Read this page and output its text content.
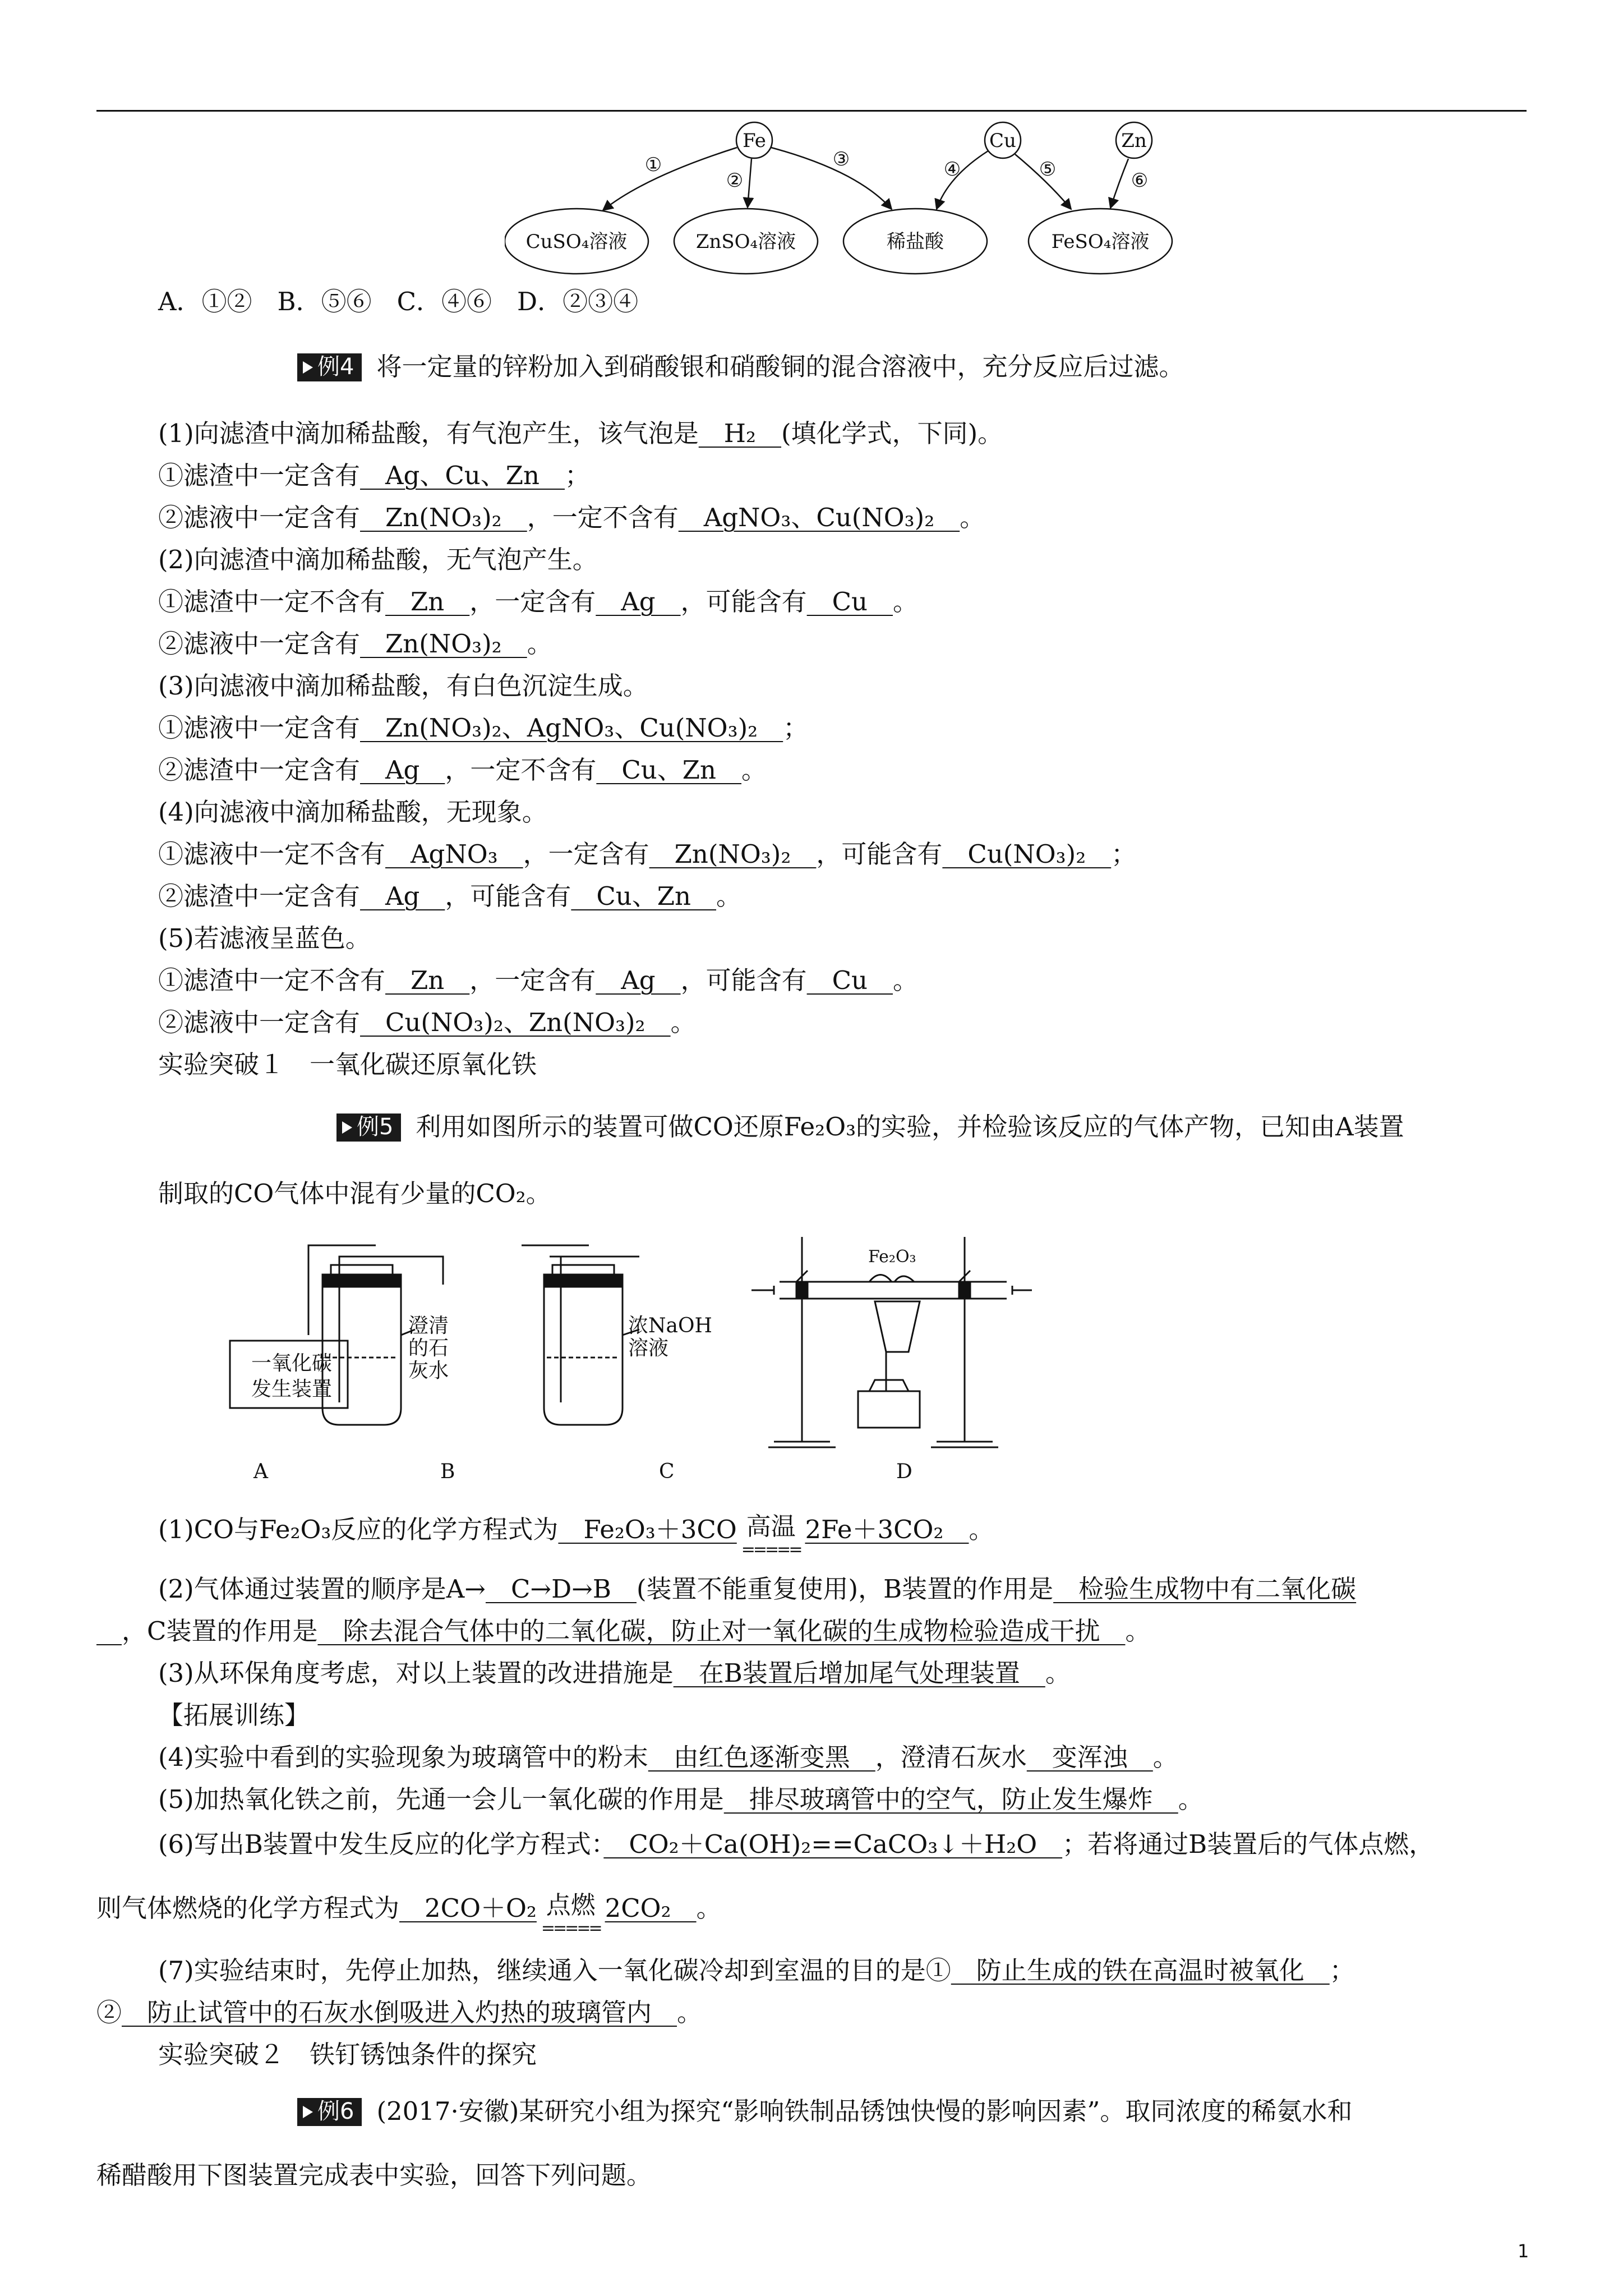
Fe	Cu	Zn
CuSO₄溶液	ZnSO₄溶液	稀盐酸	FeSO₄溶液
①
②
③	④	⑤	⑥
A．①②　B．⑤⑥　C．④⑥　D．②③④
例4 将一定量的锌粉加入到硝酸银和硝酸铜的混合溶液中，充分反应后过滤。
(1)向滤渣中滴加稀盐酸，有气泡产生，该气泡是　H₂　(填化学式，下同)。
①滤渣中一定含有　Ag、Cu、Zn　；
②滤液中一定含有　Zn(NO₃)₂　，一定不含有　AgNO₃、Cu(NO₃)₂　。
(2)向滤渣中滴加稀盐酸，无气泡产生。
①滤渣中一定不含有　Zn　，一定含有　Ag　，可能含有　Cu　。
②滤液中一定含有　Zn(NO₃)₂　。
(3)向滤液中滴加稀盐酸，有白色沉淀生成。
①滤液中一定含有　Zn(NO₃)₂、AgNO₃、Cu(NO₃)₂　；
②滤渣中一定含有　Ag　，一定不含有　Cu、Zn　。
(4)向滤液中滴加稀盐酸，无现象。
①滤液中一定不含有　AgNO₃　，一定含有　Zn(NO₃)₂　，可能含有　Cu(NO₃)₂　；
②滤渣中一定含有　Ag　，可能含有　Cu、Zn　。
(5)若滤液呈蓝色。
①滤渣中一定不含有　Zn　，一定含有　Ag　，可能含有　Cu　。
②滤液中一定含有　Cu(NO₃)₂、Zn(NO₃)₂　。
实验突破１　一氧化碳还原氧化铁
例5 利用如图所示的装置可做CO还原Fe₂O₃的实验，并检验该反应的气体产物，已知由A装置
制取的CO气体中混有少量的CO₂。
一氧化碳
发生装置
澄清
的石
灰水
浓NaOH
溶液
Fe₂O₃
A	B	C	D
(1)CO与Fe₂O₃反应的化学方程式为　Fe₂O₃＋3CO 高温
=====
2Fe＋3CO₂　。
(2)气体通过装置的顺序是A→　C→D→B　(装置不能重复使用)，B装置的作用是　检验生成物中有二氧化碳
　，C装置的作用是　除去混合气体中的二氧化碳，防止对一氧化碳的生成物检验造成干扰　。
(3)从环保角度考虑，对以上装置的改进措施是　在B装置后增加尾气处理装置　。
【拓展训练】
(4)实验中看到的实验现象为玻璃管中的粉末　由红色逐渐变黑　，澄清石灰水　变浑浊　。
(5)加热氧化铁之前，先通一会儿一氧化碳的作用是　排尽玻璃管中的空气，防止发生爆炸　。
(6)写出B装置中发生反应的化学方程式：　CO₂＋Ca(OH)₂==CaCO₃↓＋H₂O　；若将通过B装置后的气体点燃，
则气体燃烧的化学方程式为　2CO＋O₂ 点燃
=====
2CO₂　。
(7)实验结束时，先停止加热，继续通入一氧化碳冷却到室温的目的是①　防止生成的铁在高温时被氧化　；
②　防止试管中的石灰水倒吸进入灼热的玻璃管内　。
实验突破２　铁钉锈蚀条件的探究
例6 (2017·安徽)某研究小组为探究“影响铁制品锈蚀快慢的影响因素”。取同浓度的稀氨水和
稀醋酸用下图装置完成表中实验，回答下列问题。
1
